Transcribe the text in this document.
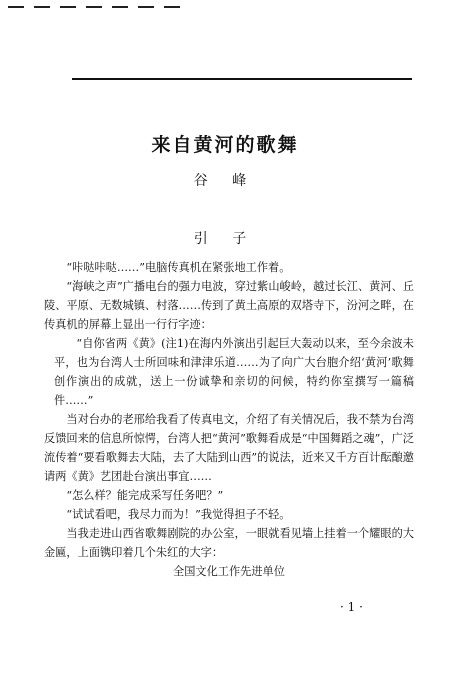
来自黄河的歌舞
谷 峰
引 子

“咔哒咔哒……”电脑传真机在紧张地工作着。

“海峡之声”广播电台的强力电波，穿过紫山峻岭，越过长江、黄河、丘陵、平原、无数城镇、村落……传到了黄土高原的双塔寺下，汾河之畔，在传真机的屏幕上显出一行行字迹：

“自你省两《黄》(注1)在海内外演出引起巨大轰动以来，至今余波未平，也为台湾人士所回味和津津乐道……为了向广大台胞介绍‘黄河’歌舞创作演出的成就，送上一份诚挚和亲切的问候，特约你室撰写一篇稿件……”

当对台办的老邢给我看了传真电文，介绍了有关情况后，我不禁为台湾反馈回来的信息所惊愕，台湾人把“黄河”歌舞看成是“中国舞蹈之魂”，广泛流传着“要看歌舞去大陆，去了大陆到山西”的说法，近来又千方百计酝酿邀请两《黄》艺团赴台演出事宜……

“怎么样？能完成采写任务吧？”

“试试看吧，我尽力而为！”我觉得担子不轻。

当我走进山西省歌舞剧院的办公室，一眼就看见墙上挂着一个耀眼的大金匾，上面镌印着几个朱红的大字：

全国文化工作先进单位

· 1 ·
